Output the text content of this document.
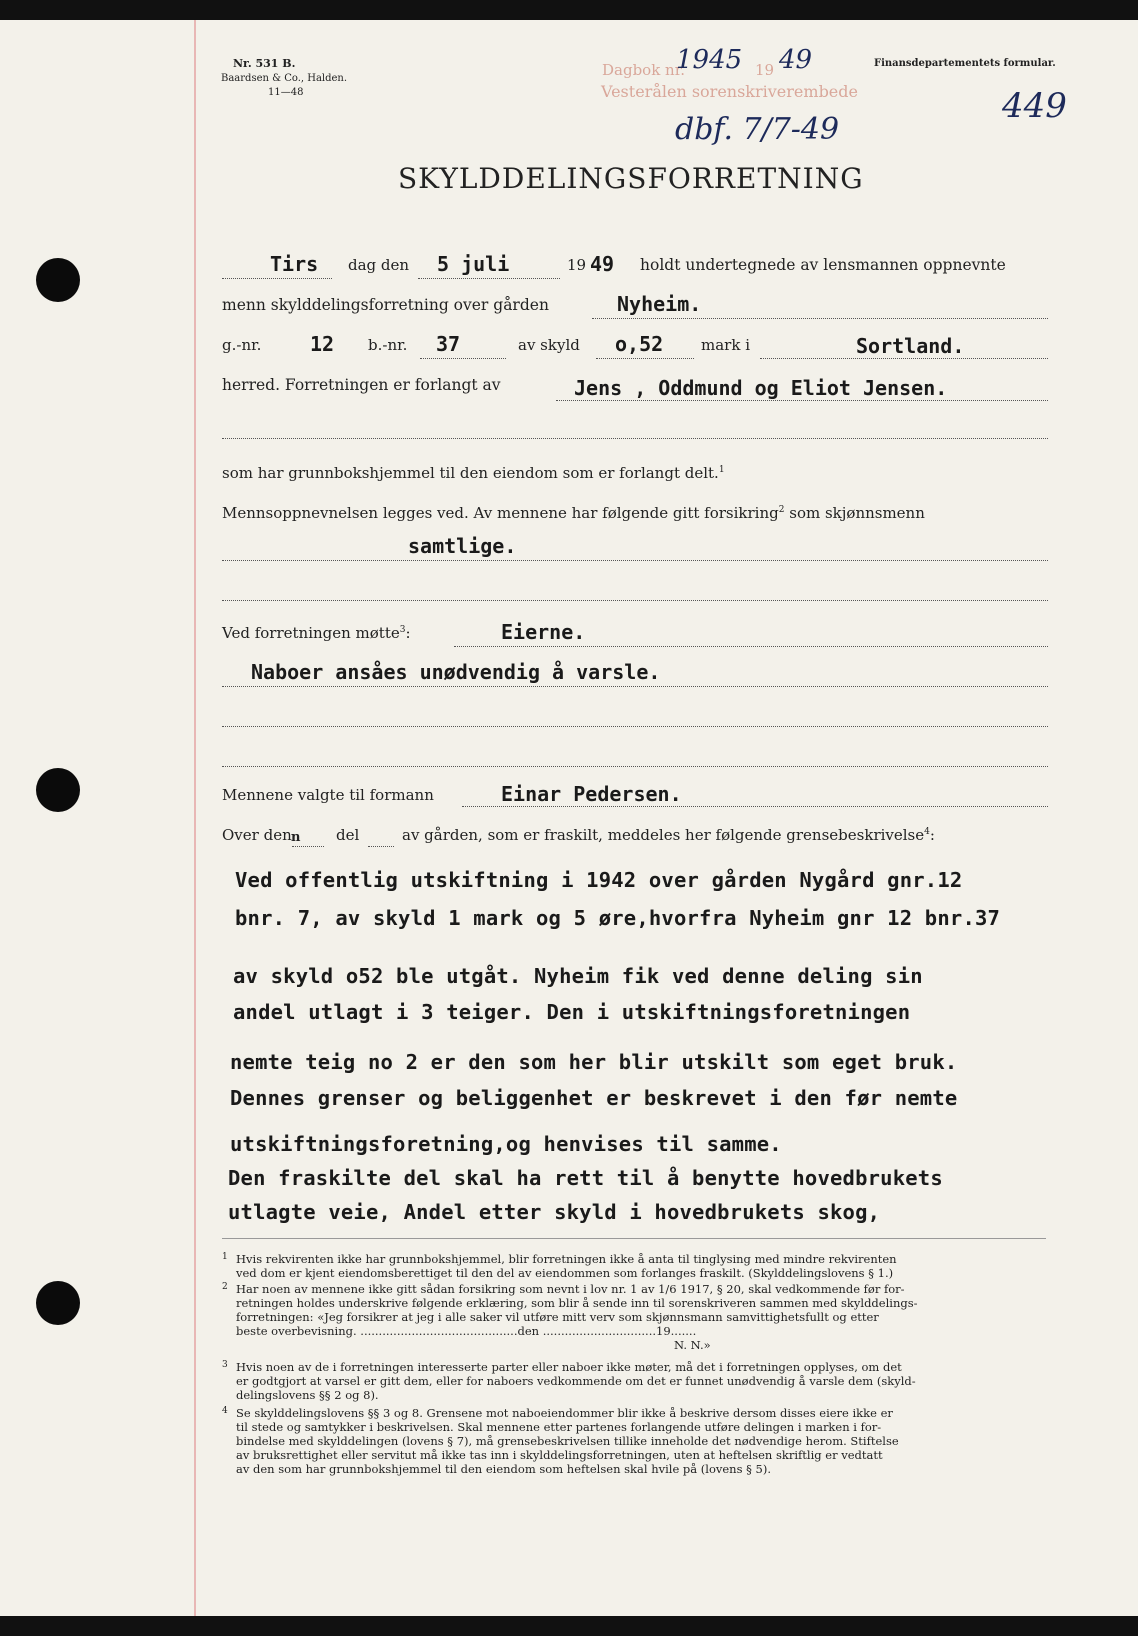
Nr. 531 B.
Baardsen & Co., Halden.
11—48
Dagbok nr.
1945 19 49
Vesterålen sorenskriverembede
Finansdepartementets formular.
449
dbf. 7/7-49
SKYLDDELINGSFORRETNING
Tirs dag den 5 juli	19 49 holdt undertegnede av lensmannen oppnevnte
menn skylddelingsforretning over gården	Nyheim.
g.-nr. 12 b.-nr. 37	av skyld o,52	mark i	Sortland.
herred. Forretningen er forlangt av	Jens , Oddmund og Eliot Jensen.
som har grunnbokshjemmel til den eiendom som er forlangt delt.$^1$
Mennsoppnevnelsen legges ved. Av mennene har følgende gitt forsikring$^2$ som skjønnsmenn
samtlige.
Ved forretningen møtte$^3$:	Eierne.
Naboer ansåes unødvendig å varsle.
Mennene valgte til formann	Einar Pedersen.
Over den n del	av gården, som er fraskilt, meddeles her følgende grensebeskrivelse$^4$:
Ved offentlig utskiftning i 1942 over gården Nygård gnr.12
bnr. 7, av skyld 1 mark og 5 øre,hvorfra Nyheim gnr 12 bnr.37
av skyld o52 ble utgåt. Nyheim fik ved denne deling sin
andel utlagt i 3 teiger. Den i utskiftningsforetningen
nemte teig no 2 er den som her blir utskilt som eget bruk.
Dennes grenser og beliggenhet er beskrevet i den før nemte
utskiftningsforetning,og henvises til samme.
Den fraskilte del skal ha rett til å benytte hovedbrukets
utlagte veie, Andel etter skyld i hovedbrukets skog,
1 Hvis rekvirenten ikke har grunnbokshjemmel, blir forretningen ikke å anta til tinglysing med mindre rekvirenten
ved dom er kjent eiendomsberettiget til den del av eiendommen som forlanges fraskilt. (Skylddelingslovens § 1.)
2 Har noen av mennene ikke gitt sådan forsikring som nevnt i lov nr. 1 av 1/6 1917, § 20, skal vedkommende før for-
retningen holdes underskrive følgende erklæring, som blir å sende inn til sorenskriveren sammen med skylddelings-
forretningen: «Jeg forsikrer at jeg i alle saker vil utføre mitt verv som skjønnsmann samvittighetsfullt og etter
beste overbevisning. ...........................................den ...............................19.......
N. N.»
3 Hvis noen av de i forretningen interesserte parter eller naboer ikke møter, må det i forretningen opplyses, om det
er godtgjort at varsel er gitt dem, eller for naboers vedkommende om det er funnet unødvendig å varsle dem (skyld-
delingslovens §§ 2 og 8).
4 Se skylddelingslovens §§ 3 og 8. Grensene mot naboeiendommer blir ikke å beskrive dersom disses eiere ikke er
til stede og samtykker i beskrivelsen. Skal mennene etter partenes forlangende utføre delingen i marken i for-
bindelse med skylddelingen (lovens § 7), må grensebeskrivelsen tillike inneholde det nødvendige herom. Stiftelse
av bruksrettighet eller servitut må ikke tas inn i skylddelingsforretningen, uten at heftelsen skriftlig er vedtatt
av den som har grunnbokshjemmel til den eiendom som heftelsen skal hvile på (lovens § 5).
